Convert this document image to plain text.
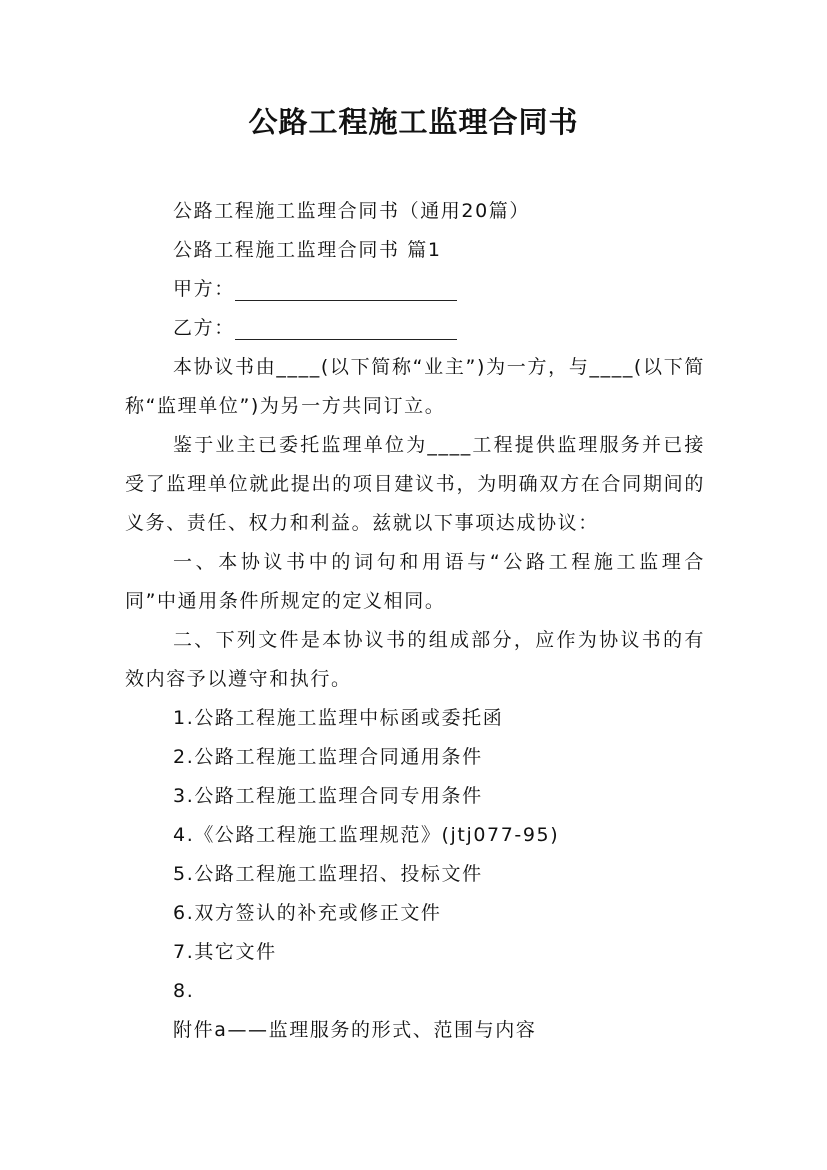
公路工程施工监理合同书

公路工程施工监理合同书（通用20篇）

公路工程施工监理合同书 篇1

甲方：

乙方：

本协议书由____(以下简称“业主”)为一方，与____(以下简称“监理单位”)为另一方共同订立。

鉴于业主已委托监理单位为____工程提供监理服务并已接受了监理单位就此提出的项目建议书，为明确双方在合同期间的义务、责任、权力和利益。兹就以下事项达成协议：

一、本协议书中的词句和用语与“公路工程施工监理合同”中通用条件所规定的定义相同。

二、下列文件是本协议书的组成部分，应作为协议书的有效内容予以遵守和执行。

1.公路工程施工监理中标函或委托函

2.公路工程施工监理合同通用条件

3.公路工程施工监理合同专用条件

4.《公路工程施工监理规范》(jtj077-95)

5.公路工程施工监理招、投标文件

6.双方签认的补充或修正文件

7.其它文件

8.

附件a——监理服务的形式、范围与内容
